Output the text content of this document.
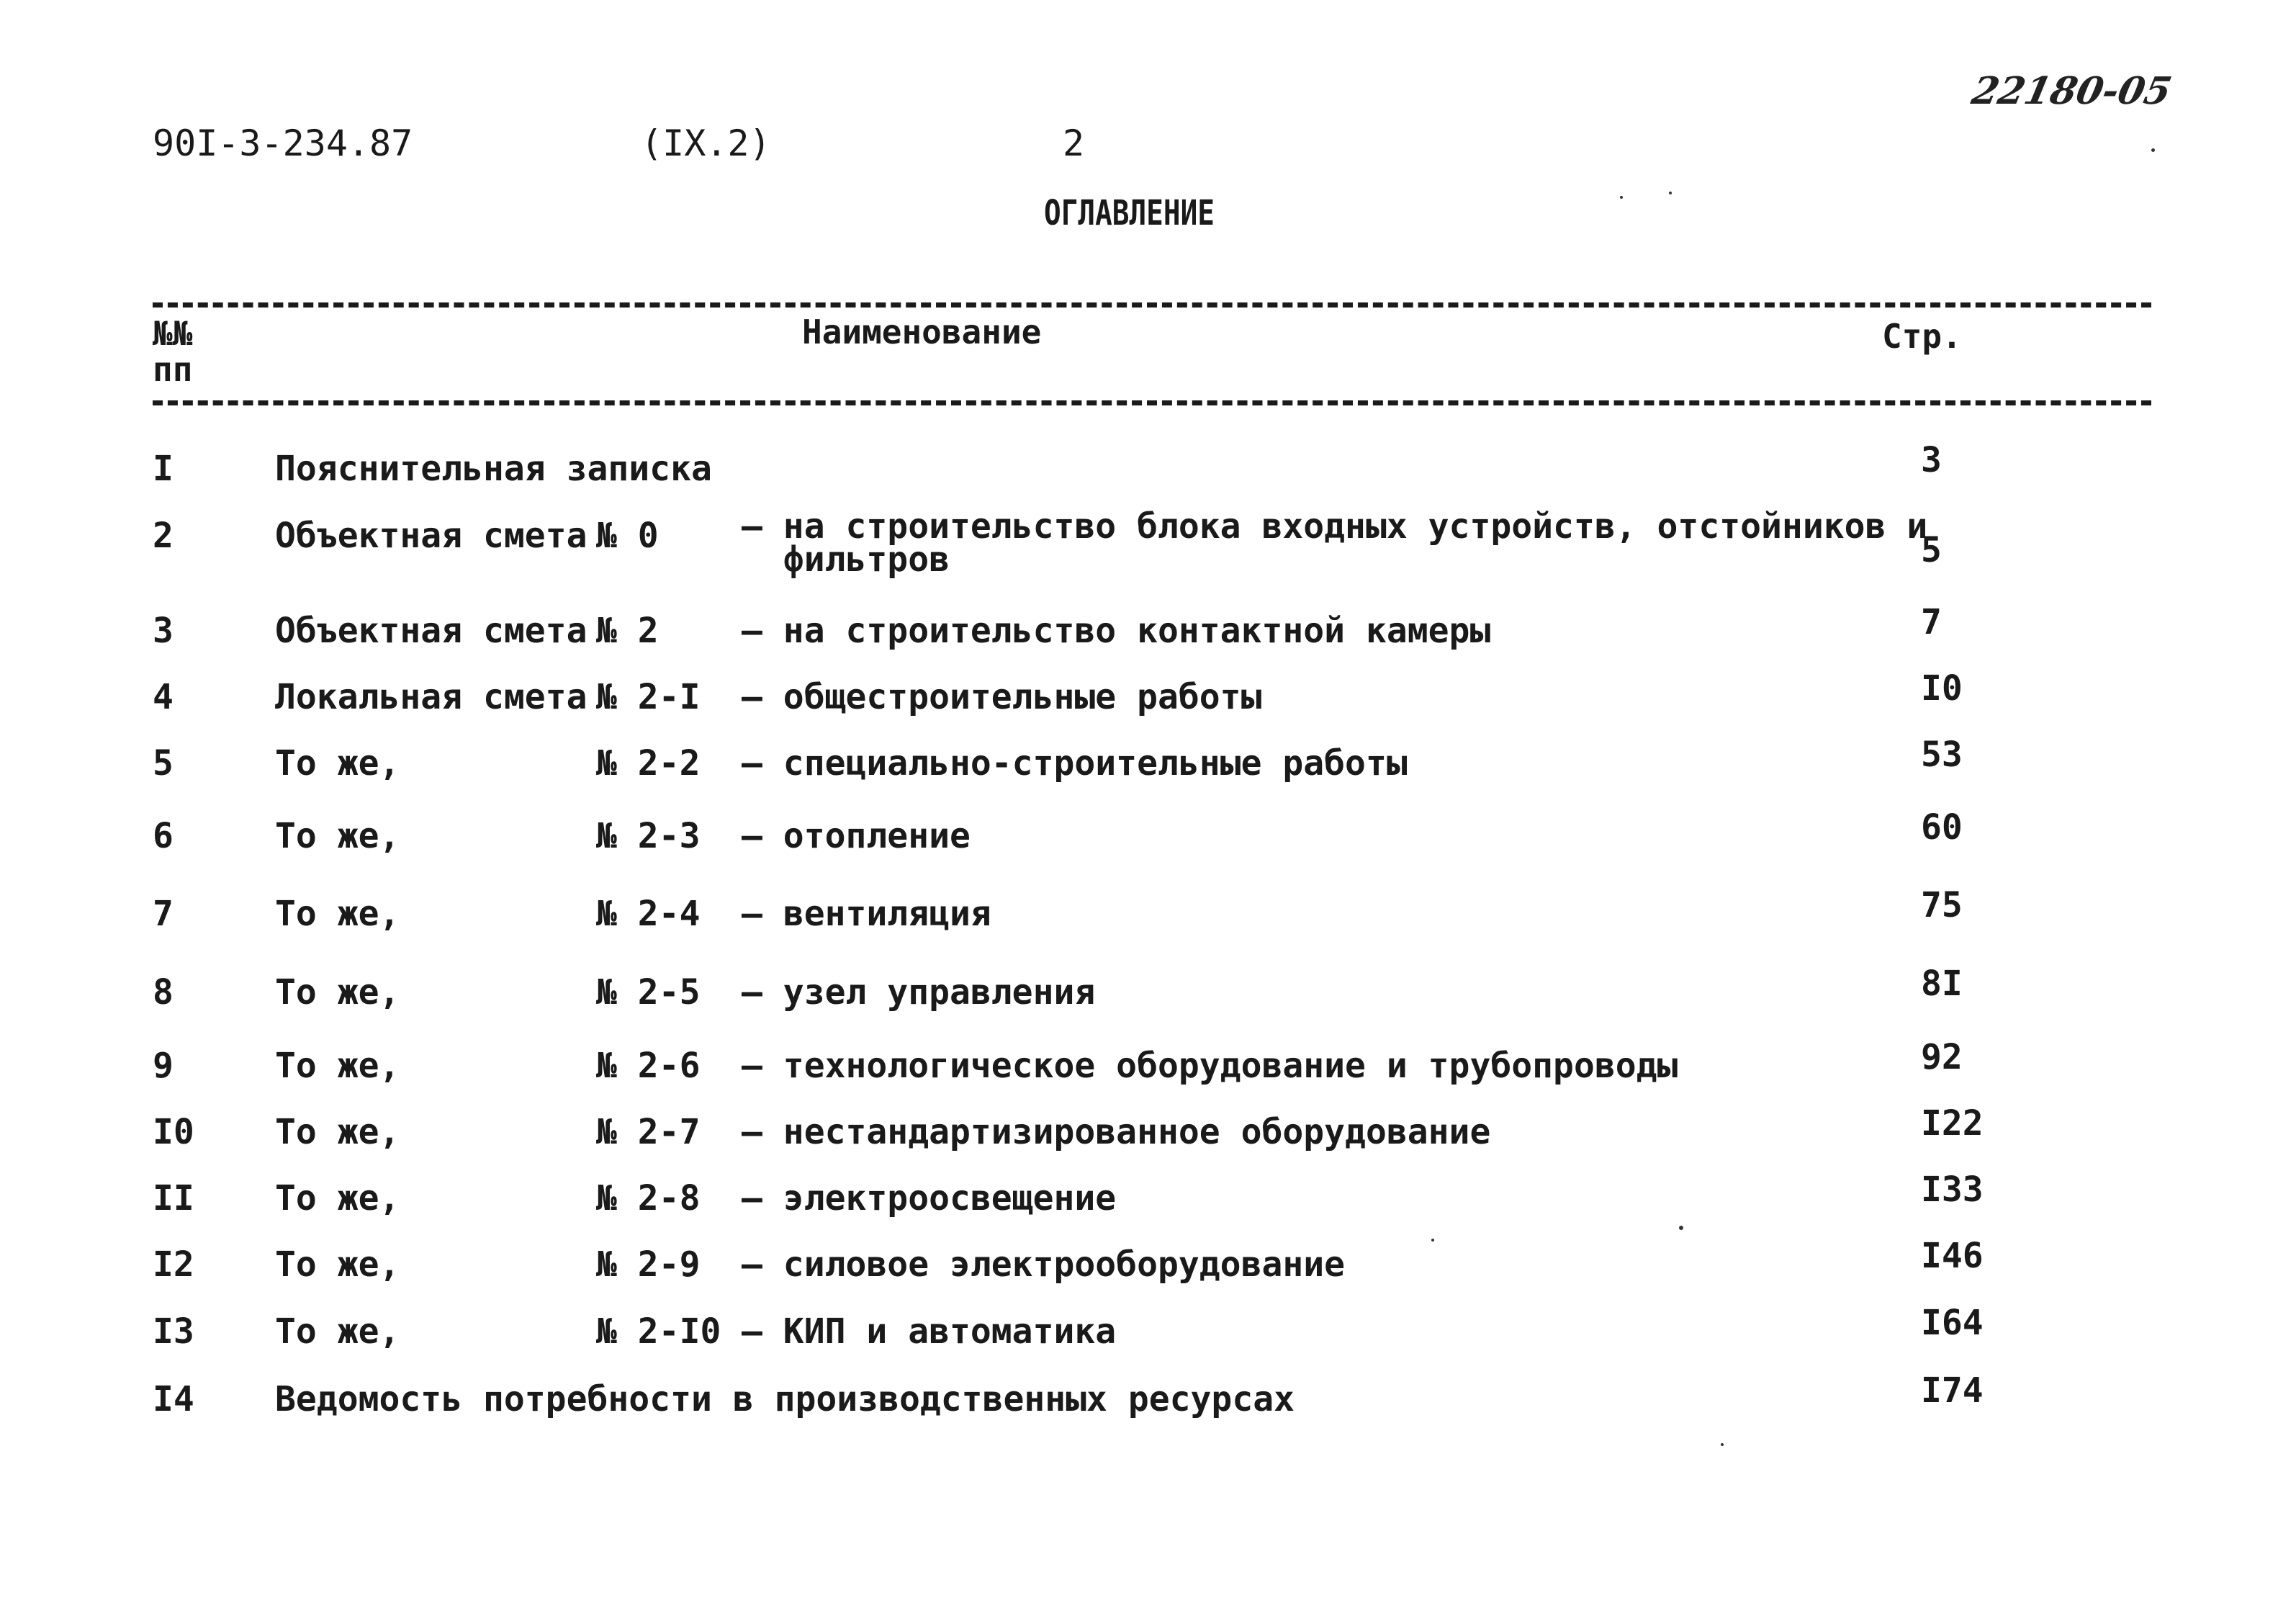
90I-3-234.87	(IX.2)	2
22180-05
ОГЛАВЛЕНИЕ
№№
пп
Наименование	Стр.
I	Пояснительная записка	3
2	Объектная смета № 0 – на строительство блока входных устройств, отстойников и
фильтров	5
3	Объектная смета № 2 – на строительство контактной камеры	7
4	Локальная смета № 2-I – общестроительные работы	I0
5	То же,	№ 2-2 – специально-строительные работы	53
6	То же,	№ 2-3 – отопление	60
7	То же,	№ 2-4 – вентиляция	75
8	То же,	№ 2-5 – узел управления	8I
9	То же,	№ 2-6 – технологическое оборудование и трубопроводы	92
I0 То же,	№ 2-7 – нестандартизированное оборудование	I22
II То же,	№ 2-8 – электроосвещение	I33
I2 То же,	№ 2-9 – силовое электрооборудование	I46
I3 То же,	№ 2-I0 – КИП и автоматика	I64
I4 Ведомость потребности в производственных ресурсах	I74
